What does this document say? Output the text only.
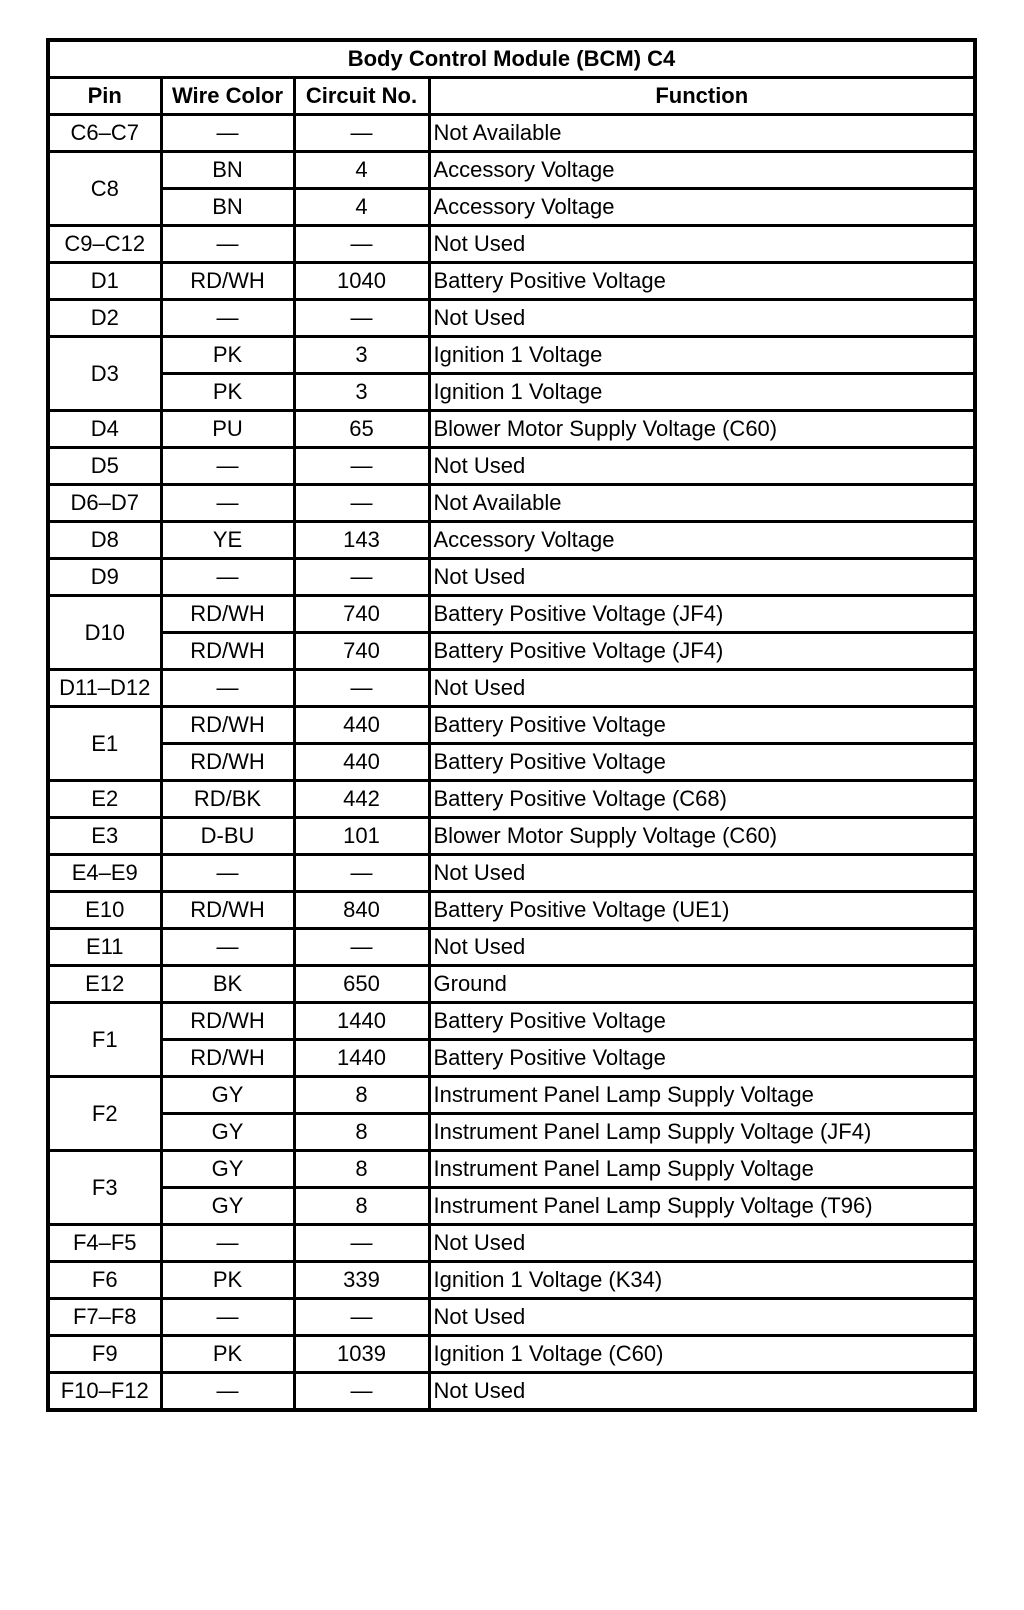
Body Control Module (BCM) C4			
Pin	Wire Color	Circuit No.	Function
C6–C7	—	—	Not Available
C8	BN	4	Accessory Voltage
	BN	4	Accessory Voltage
C9–C12	—	—	Not Used
D1	RD/WH	1040	Battery Positive Voltage
D2	—	—	Not Used
D3	PK	3	Ignition 1 Voltage
	PK	3	Ignition 1 Voltage
D4	PU	65	Blower Motor Supply Voltage (C60)
D5	—	—	Not Used
D6–D7	—	—	Not Available
D8	YE	143	Accessory Voltage
D9	—	—	Not Used
D10	RD/WH	740	Battery Positive Voltage (JF4)
	RD/WH	740	Battery Positive Voltage (JF4)
D11–D12	—	—	Not Used
E1	RD/WH	440	Battery Positive Voltage
	RD/WH	440	Battery Positive Voltage
E2	RD/BK	442	Battery Positive Voltage (C68)
E3	D-BU	101	Blower Motor Supply Voltage (C60)
E4–E9	—	—	Not Used
E10	RD/WH	840	Battery Positive Voltage (UE1)
E11	—	—	Not Used
E12	BK	650	Ground
F1	RD/WH	1440	Battery Positive Voltage
	RD/WH	1440	Battery Positive Voltage
F2	GY	8	Instrument Panel Lamp Supply Voltage
	GY	8	Instrument Panel Lamp Supply Voltage (JF4)
F3	GY	8	Instrument Panel Lamp Supply Voltage
	GY	8	Instrument Panel Lamp Supply Voltage (T96)
F4–F5	—	—	Not Used
F6	PK	339	Ignition 1 Voltage (K34)
F7–F8	—	—	Not Used
F9	PK	1039	Ignition 1 Voltage (C60)
F10–F12	—	—	Not Used
